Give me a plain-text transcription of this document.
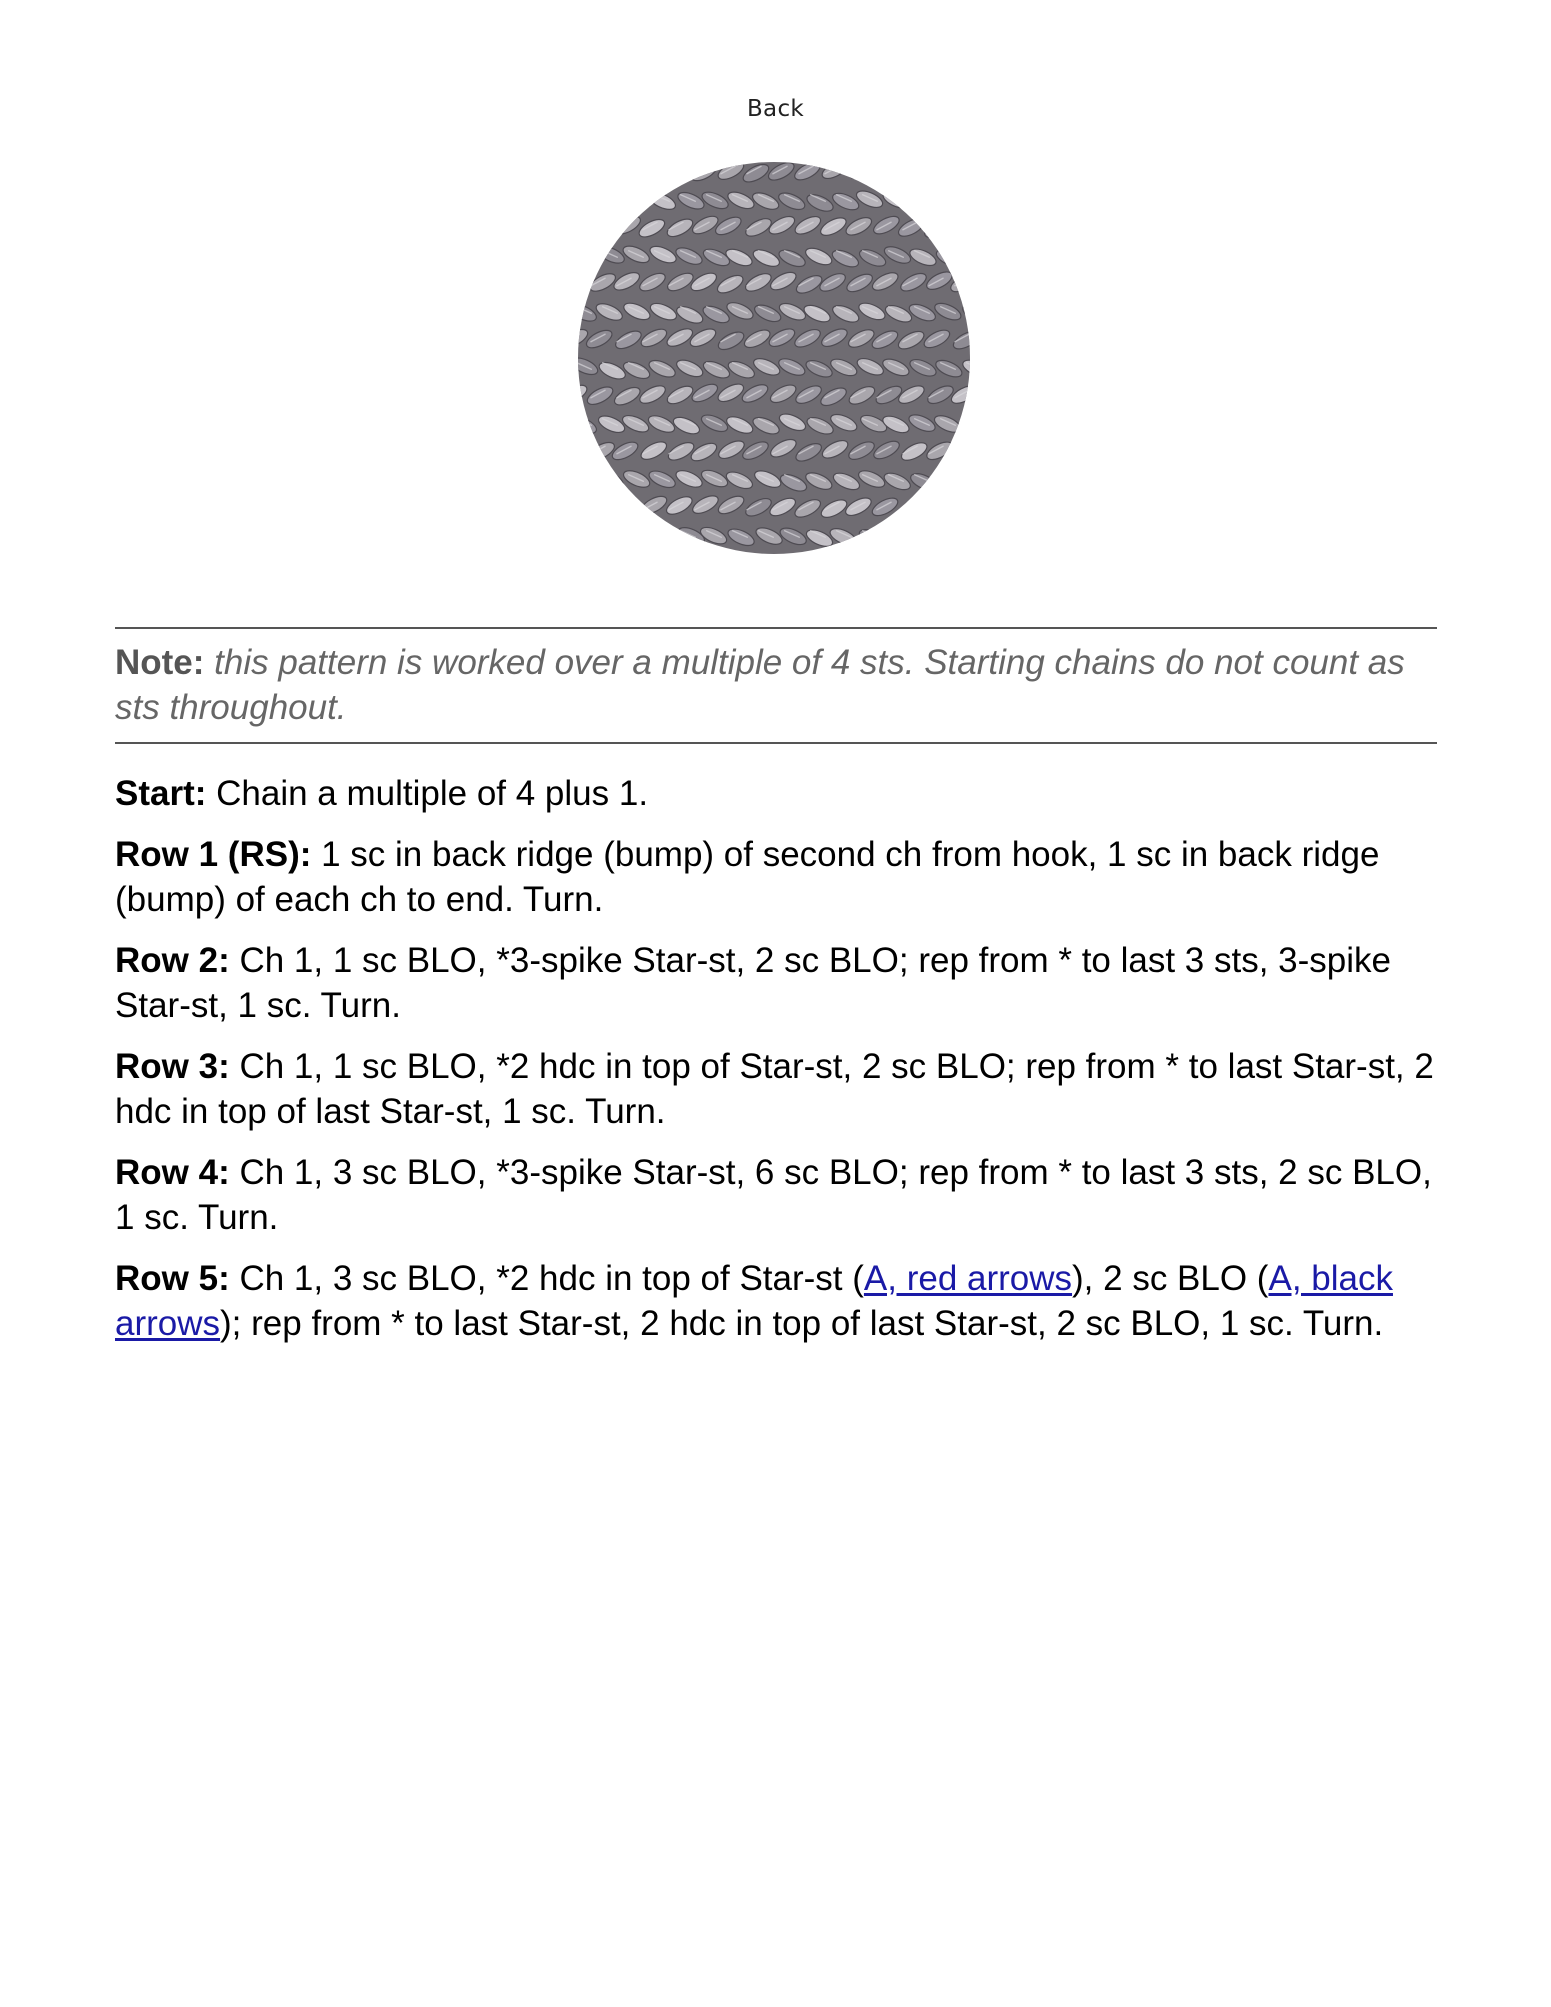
Back
Note: this pattern is worked over a multiple of 4 sts. Starting chains do not count as sts throughout.

Start: Chain a multiple of 4 plus 1.

Row 1 (RS): 1 sc in back ridge (bump) of second ch from hook, 1 sc in back ridge (bump) of each ch to end. Turn.

Row 2: Ch 1, 1 sc BLO, *3-spike Star-st, 2 sc BLO; rep from * to last 3 sts, 3-spike Star-st, 1 sc. Turn.

Row 3: Ch 1, 1 sc BLO, *2 hdc in top of Star-st, 2 sc BLO; rep from * to last Star-st, 2 hdc in top of last Star-st, 1 sc. Turn.

Row 4: Ch 1, 3 sc BLO, *3-spike Star-st, 6 sc BLO; rep from * to last 3 sts, 2 sc BLO, 1 sc. Turn.

Row 5: Ch 1, 3 sc BLO, *2 hdc in top of Star-st (A, red arrows), 2 sc BLO (A, black arrows); rep from * to last Star-st, 2 hdc in top of last Star-st, 2 sc BLO, 1 sc. Turn.
